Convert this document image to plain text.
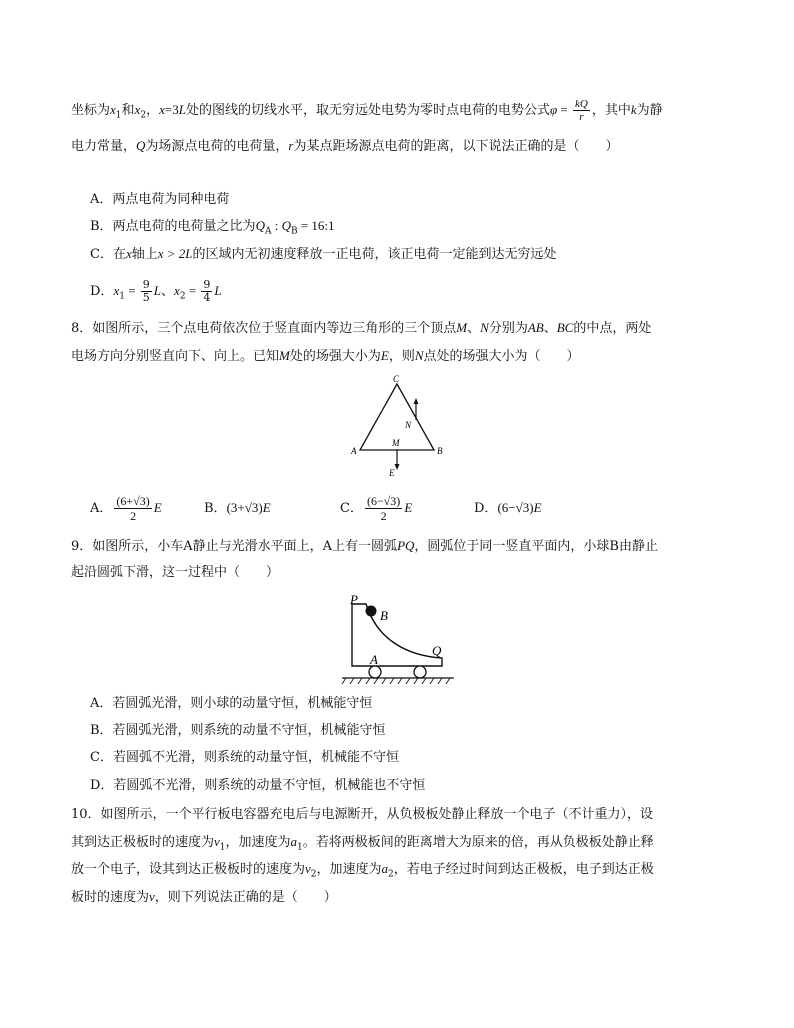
坐标为$x_1$和$x_2$，x=3L处的图线的切线水平，取无穷远处电势为零时点电荷的电势公式$\varphi = \frac{kQ}{r}$ ，其中k为静
电力常量，Q为场源点电荷的电荷量，r为某点距场源点电荷的距离，以下说法正确的是（　　）
A．两点电荷为同种电荷
B．两点电荷的电荷量之比为$Q_A$ : $Q_B$ = 16:1
C．在x轴上x > 2L的区域内无初速度释放一正电荷，该正电荷一定能到达无穷远处
D．$x_1 = \frac{9}{5}$ L、$x_2 = \frac{9}{4}$ L
8．如图所示，三个点电荷依次位于竖直面内等边三角形的三个顶点M、N分别为AB、BC的中点，两处
电场方向分别竖直向下、向上。已知M处的场强大小为E，则N点处的场强大小为（　　）
C
N
A
M
B
E
A． $\frac{(6+√3)}{2}$ E	B．(3+√3)E	C． $\frac{(6-√3)}{2}$ E	D．(6−√3)E
9．如图所示，小车A静止与光滑水平面上，A上有一圆弧PQ，圆弧位于同一竖直平面内，小球B由静止
起沿圆弧下滑，这一过程中（　　）
P
B
A
Q
A．若圆弧光滑，则小球的动量守恒，机械能守恒
B．若圆弧光滑，则系统的动量不守恒，机械能守恒
C．若圆弧不光滑，则系统的动量守恒，机械能不守恒
D．若圆弧不光滑，则系统的动量不守恒，机械能也不守恒
10．如图所示，一个平行板电容器充电后与电源断开，从负极板处静止释放一个电子（不计重力），设
其到达正极板时的速度为$v_1$，加速度为$a_1$。若将两极板间的距离增大为原来的倍，再从负极板处静止释
放一个电子，设其到达正极板时的速度为$v_2$，加速度为$a_2$，若电子经过时间到达正极板，电子到达正极
板时的速度为v，则下列说法正确的是（　　）
